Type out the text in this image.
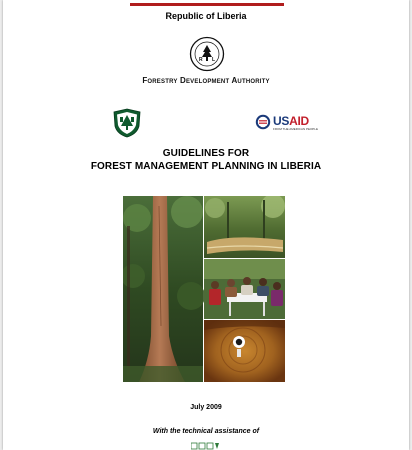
Republic of Liberia
R L
Forestry Development Authority
USAID
FROM THE AMERICAN PEOPLE
GUIDELINES FOR
FOREST MANAGEMENT PLANNING IN LIBERIA
July 2009
With the technical assistance of
